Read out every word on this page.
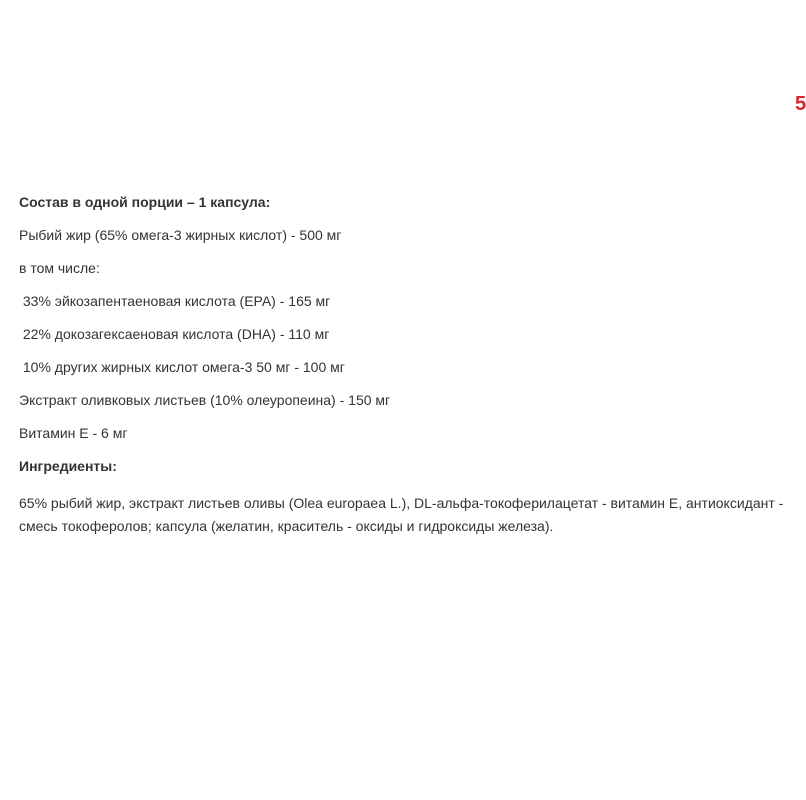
5

Состав в одной порции – 1 капсула:

Рыбий жир (65% омега-3 жирных кислот) - 500 мг

в том числе:

33% эйкозапентаеновая кислота (EPA) - 165 мг

22% докозагексаеновая кислота (DHA) - 110 мг

10% других жирных кислот омега-3 50 мг - 100 мг

Экстракт оливковых листьев (10% олеуропеина) - 150 мг

Витамин E - 6 мг

Ингредиенты:

65% рыбий жир, экстракт листьев оливы (Olea europaea L.), DL-альфа-токоферилацетат - витамин E, антиоксидант - смесь токоферолов; капсула (желатин, краситель - оксиды и гидроксиды железа).
